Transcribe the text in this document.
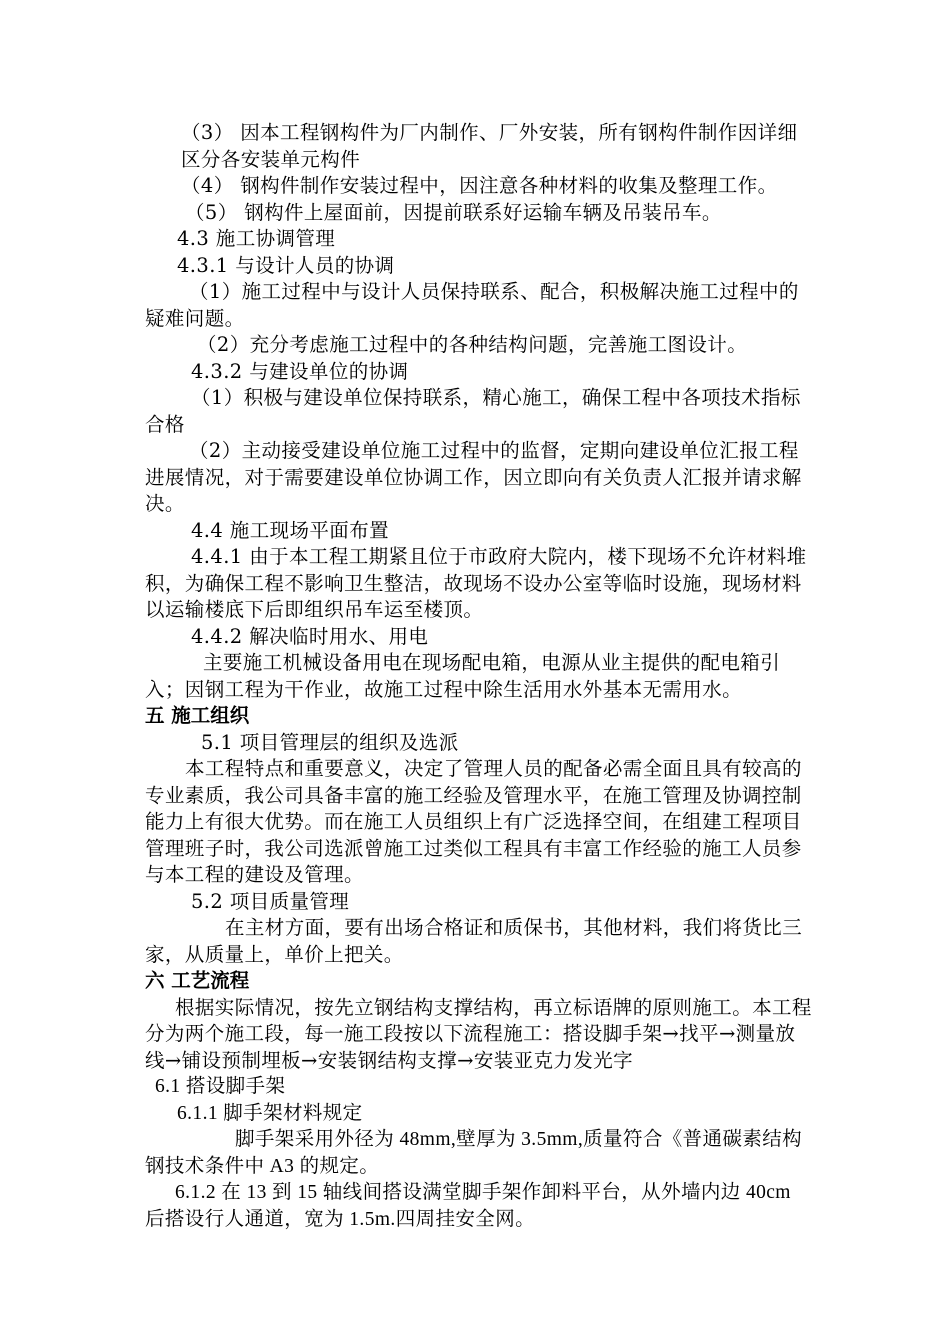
（3） 因本工程钢构件为厂内制作、厂外安装，所有钢构件制作因详细区分各安装单元构件

（4） 钢构件制作安装过程中，因注意各种材料的收集及整理工作。

（5） 钢构件上屋面前，因提前联系好运输车辆及吊装吊车。

4.3 施工协调管理

4.3.1 与设计人员的协调

（1）施工过程中与设计人员保持联系、配合，积极解决施工过程中的疑难问题。

（2）充分考虑施工过程中的各种结构问题，完善施工图设计。

4.3.2 与建设单位的协调

（1）积极与建设单位保持联系，精心施工，确保工程中各项技术指标合格

（2）主动接受建设单位施工过程中的监督，定期向建设单位汇报工程进展情况，对于需要建设单位协调工作，因立即向有关负责人汇报并请求解决。

4.4 施工现场平面布置

4.4.1 由于本工程工期紧且位于市政府大院内，楼下现场不允许材料堆积，为确保工程不影响卫生整洁，故现场不设办公室等临时设施，现场材料以运输楼底下后即组织吊车运至楼顶。

4.4.2 解决临时用水、用电

主要施工机械设备用电在现场配电箱，电源从业主提供的配电箱引入；因钢工程为干作业，故施工过程中除生活用水外基本无需用水。

五 施工组织

5.1 项目管理层的组织及选派

本工程特点和重要意义，决定了管理人员的配备必需全面且具有较高的专业素质，我公司具备丰富的施工经验及管理水平，在施工管理及协调控制能力上有很大优势。而在施工人员组织上有广泛选择空间，在组建工程项目管理班子时，我公司选派曾施工过类似工程具有丰富工作经验的施工人员参与本工程的建设及管理。

5.2 项目质量管理

在主材方面，要有出场合格证和质保书，其他材料，我们将货比三家，从质量上，单价上把关。

六 工艺流程

根据实际情况，按先立钢结构支撑结构，再立标语牌的原则施工。本工程分为两个施工段，每一施工段按以下流程施工：搭设脚手架→找平→测量放线→铺设预制埋板→安装钢结构支撑→安装亚克力发光字

6.1 搭设脚手架

6.1.1 脚手架材料规定

脚手架采用外径为 48mm,壁厚为 3.5mm,质量符合《普通碳素结构钢技术条件中 A3 的规定。

6.1.2 在 13 到 15 轴线间搭设满堂脚手架作卸料平台，从外墙内边 40cm 后搭设行人通道，宽为 1.5m.四周挂安全网。
